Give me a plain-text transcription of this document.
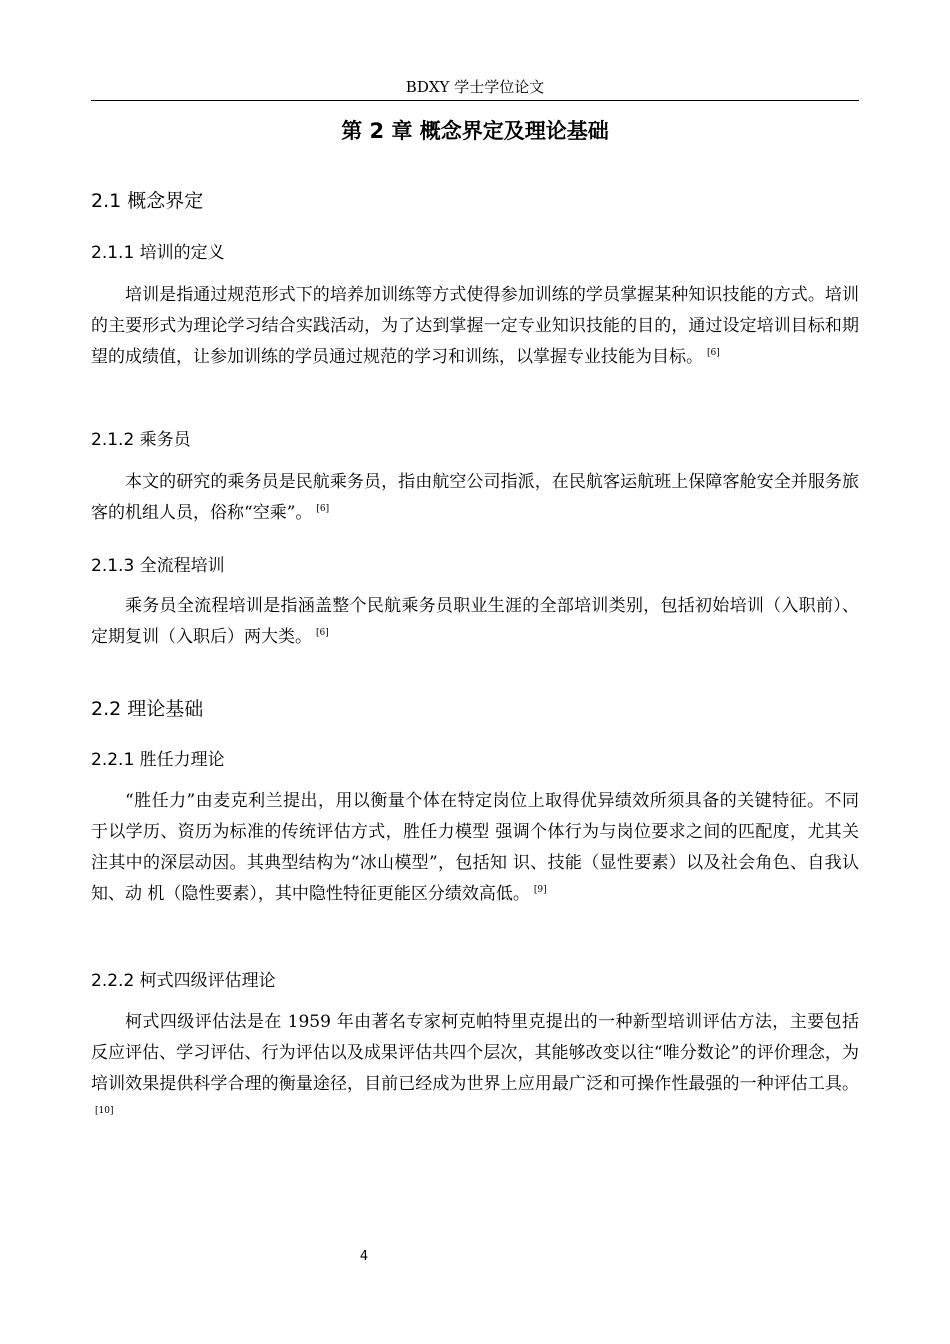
BDXY 学士学位论文
第 2 章 概念界定及理论基础
2.1 概念界定
2.1.1 培训的定义

培训是指通过规范形式下的培养加训练等方式使得参加训练的学员掌握某种知识技能的方式。培训的主要形式为理论学习结合实践活动，为了达到掌握一定专业知识技能的目的，通过设定培训目标和期望的成绩值，让参加训练的学员通过规范的学习和训练，以掌握专业技能为目标。 [6]

2.1.2 乘务员

本文的研究的乘务员是民航乘务员，指由航空公司指派，在民航客运航班上保障客舱安全并服务旅客的机组人员，俗称“空乘”。 [6]

2.1.3 全流程培训

乘务员全流程培训是指涵盖整个民航乘务员职业生涯的全部培训类别，包括初始培训（入职前）、定期复训（入职后）两大类。 [6]

2.2 理论基础
2.2.1 胜任力理论

“胜任力”由麦克利兰提出，用以衡量个体在特定岗位上取得优异绩效所须具备的关键特征。不同 于以学历、资历为标准的传统评估方式，胜任力模型 强调个体行为与岗位要求之间的匹配度，尤其关注其中的深层动因。其典型结构为“冰山模型”，包括知 识、技能（显性要素）以及社会角色、自我认知、动 机（隐性要素），其中隐性特征更能区分绩效高低。 [9]

2.2.2 柯式四级评估理论

柯式四级评估法是在 1959 年由著名专家柯克帕特里克提出的一种新型培训评估方法，主要包括反应评估、学习评估、行为评估以及成果评估共四个层次，其能够改变以往“唯分数论”的评价理念，为培训效果提供科学合理的衡量途径，目前已经成为世界上应用最广泛和可操作性最强的一种评估工具。[10]

4
